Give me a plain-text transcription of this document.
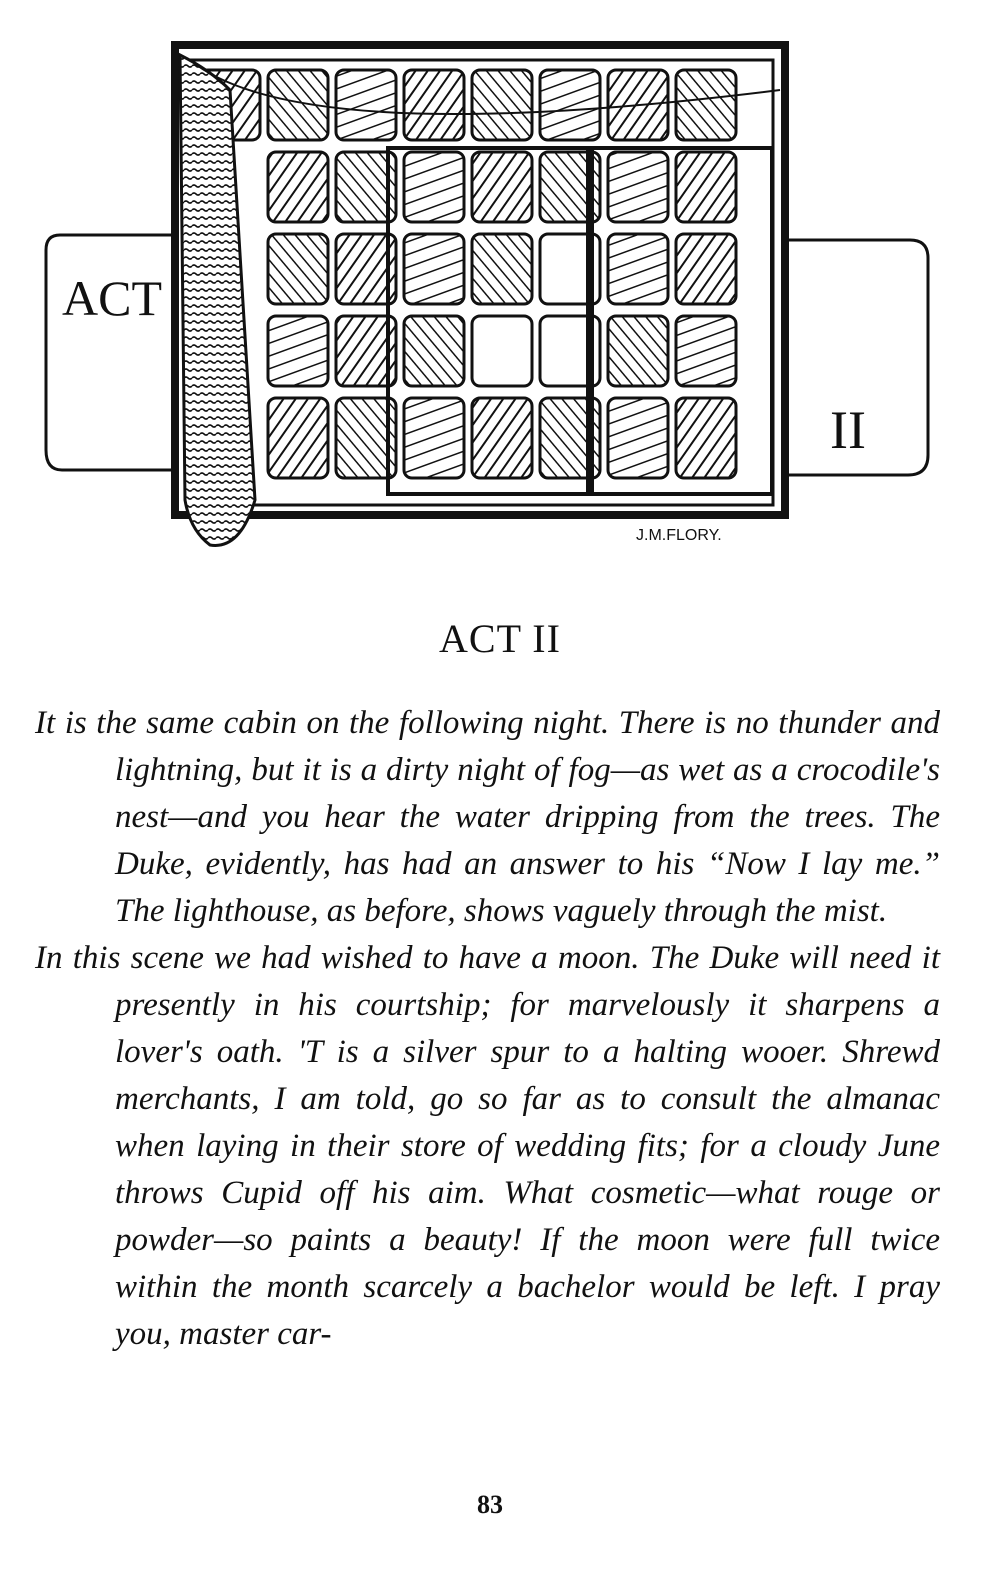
ACT
II
J.M.FLORY.
ACT II

It is the same cabin on the following night. There is no thunder and lightning, but it is a dirty night of fog—as wet as a crocodile's nest—and you hear the water dripping from the trees. The Duke, evidently, has had an answer to his “Now I lay me.” The lighthouse, as before, shows vaguely through the mist.

In this scene we had wished to have a moon. The Duke will need it presently in his courtship; for marvelously it sharpens a lover's oath. 'T is a silver spur to a halting wooer. Shrewd merchants, I am told, go so far as to consult the almanac when laying in their store of wedding fits; for a cloudy June throws Cupid off his aim. What cosmetic—what rouge or powder—so paints a beauty! If the moon were full twice within the month scarcely a bachelor would be left. I pray you, master car-

83
